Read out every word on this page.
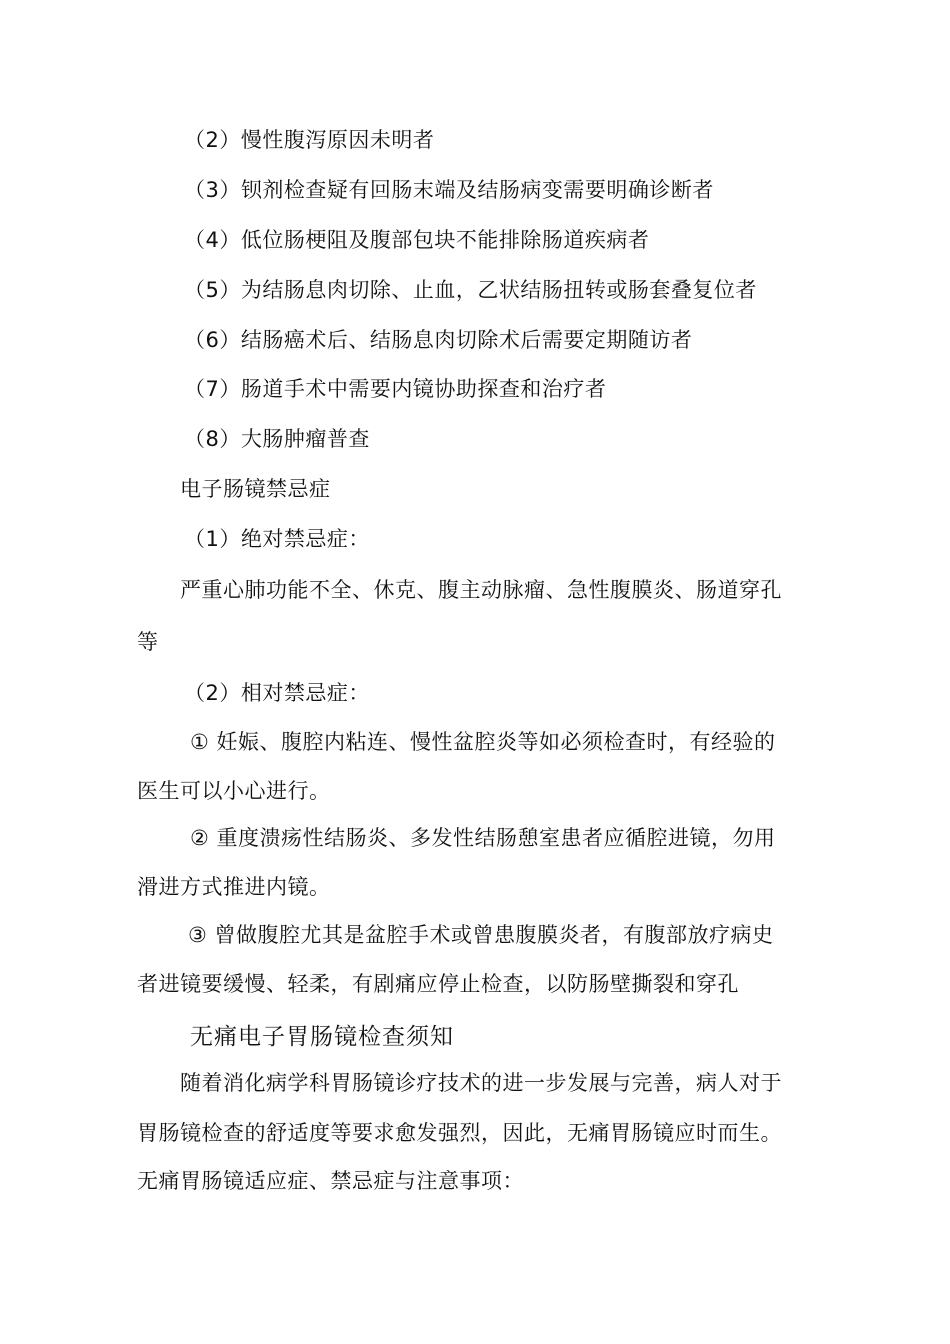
（2）慢性腹泻原因未明者
（3）钡剂检查疑有回肠末端及结肠病变需要明确诊断者
（4）低位肠梗阻及腹部包块不能排除肠道疾病者
（5）为结肠息肉切除、止血，乙状结肠扭转或肠套叠复位者
（6）结肠癌术后、结肠息肉切除术后需要定期随访者
（7）肠道手术中需要内镜协助探查和治疗者
（8）大肠肿瘤普查
电子肠镜禁忌症
（1）绝对禁忌症：
严重心肺功能不全、休克、腹主动脉瘤、急性腹膜炎、肠道穿孔
等
（2）相对禁忌症：
① 妊娠、腹腔内粘连、慢性盆腔炎等如必须检查时，有经验的
医生可以小心进行。
② 重度溃疡性结肠炎、多发性结肠憩室患者应循腔进镜，勿用
滑进方式推进内镜。
③ 曾做腹腔尤其是盆腔手术或曾患腹膜炎者，有腹部放疗病史
者进镜要缓慢、轻柔，有剧痛应停止检查，以防肠壁撕裂和穿孔
无痛电子胃肠镜检查须知
随着消化病学科胃肠镜诊疗技术的进一步发展与完善，病人对于
胃肠镜检查的舒适度等要求愈发强烈，因此，无痛胃肠镜应时而生。
无痛胃肠镜适应症、禁忌症与注意事项：
